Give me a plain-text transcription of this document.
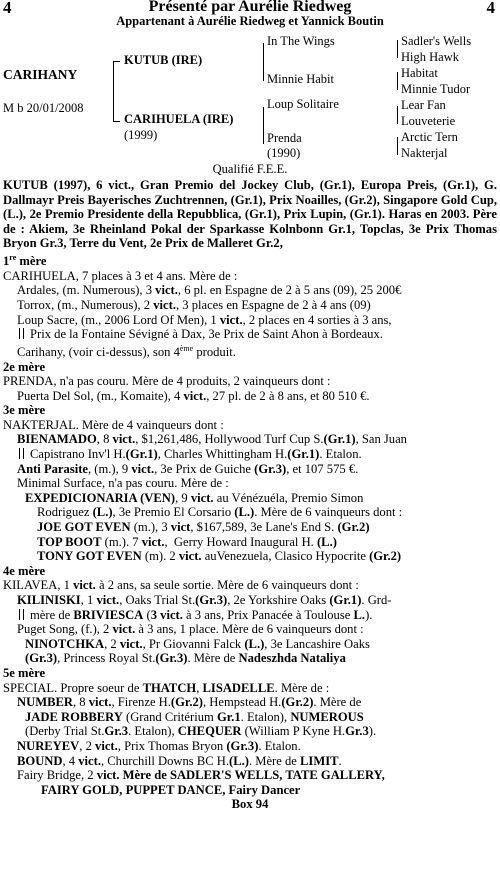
4	Présenté par Aurélie Riedweg	4
Appartenant à Aurélie Riedweg et Yannick Boutin
CARIHANY
M b 20/01/2008
KUTUB (IRE)
CARIHUELA (IRE)
(1999)
In The Wings
Minnie Habit
Loup Solitaire
Prenda
(1990)
Sadler's Wells
High Hawk
Habitat
Minnie Tudor
Lear Fan
Louveterie
Arctic Tern
Nakterjal
Qualifié F.E.E.

KUTUB (1997), 6 vict., Gran Premio del Jockey Club, (Gr.1), Europa Preis, (Gr.1), G. Dallmayr Preis Bayerisches Zuchtrennen, (Gr.1), Prix Noailles, (Gr.2), Singapore Gold Cup, (L.), 2e Premio Presidente della Repubblica, (Gr.1), Prix Lupin, (Gr.1). Haras en 2003. Père de : Akiem, 3e Rheinland Pokal der Sparkasse Kolnbonn Gr.1, Topclas, 3e Prix Thomas Bryon Gr.3, Terre du Vent, 2e Prix de Malleret Gr.2,

1re mère

CARIHUELA, 7 places à 3 et 4 ans. Mère de :

Ardales, (m. Numerous), 3 vict., 6 pl. en Espagne de 2 à 5 ans (09), 25 200€

Torrox, (m., Numerous), 2 vict., 3 places en Espagne de 2 à 4 ans (09)

Loup Sacre, (m., 2006 Lord Of Men), 1 vict., 2 places en 4 sorties à 3 ans,

Prix de la Fontaine Sévigné à Dax, 3e Prix de Saint Ahon à Bordeaux.

Carihany, (voir ci-dessus), son 4ème produit.

2e mère

PRENDA, n'a pas couru. Mère de 4 produits, 2 vainqueurs dont :

Puerta Del Sol, (m., Komaite), 4 vict., 27 pl. de 2 à 8 ans, et 80 510 €.

3e mère

NAKTERJAL. Mère de 4 vainqueurs dont :

BIENAMADO, 8 vict., $1,261,486, Hollywood Turf Cup S.(Gr.1), San Juan

Capistrano Inv'l H.(Gr.1), Charles Whittingham H.(Gr.1). Etalon.

Anti Parasite, (m.), 9 vict., 3e Prix de Guiche (Gr.3), et 107 575 €.

Minimal Surface, n'a pas couru. Mère de :

EXPEDICIONARIA (VEN), 9 vict. au Vénézuéla, Premio Simon

Rodriguez (L.), 3e Premio El Corsario (L.). Mère de 6 vainqueurs dont :

JOE GOT EVEN (m.), 3 vict, $167,589, 3e Lane's End S. (Gr.2)

TOP BOOT (m.). 7 vict.,  Gerry Howard Inaugural H. (L.)

TONY GOT EVEN (m). 2 vict. auVenezuela, Clasico Hypocrite (Gr.2)

4e mère

KILAVEA, 1 vict. à 2 ans, sa seule sortie. Mère de 6 vainqueurs dont :

KILINISKI, 1 vict., Oaks Trial St.(Gr.3), 2e Yorkshire Oaks (Gr.1). Grd-

mère de BRIVIESCA (3 vict. à 3 ans, Prix Panacée à Toulouse L.).

Puget Song, (f.), 2 vict. à 3 ans, 1 place. Mère de 6 vainqueurs dont :

NINOTCHKA, 2 vict., Pr Giovanni Falck (L.), 3e Lancashire Oaks

(Gr.3), Princess Royal St.(Gr.3). Mère de Nadeszhda Nataliya

5e mère

SPECIAL. Propre soeur de THATCH, LISADELLE. Mère de :

NUMBER, 8 vict., Firenze H.(Gr.2), Hempstead H.(Gr.2). Mère de

JADE ROBBERY (Grand Critérium Gr.1. Etalon), NUMEROUS

(Derby Trial St.Gr.3. Etalon), CHEQUER (William P Kyne H.Gr.3).

NUREYEV, 2 vict., Prix Thomas Bryon (Gr.3). Etalon.

BOUND, 4 vict., Churchill Downs BC H.(L.). Mère de LIMIT.

Fairy Bridge, 2 vict. Mère de SADLER'S WELLS, TATE GALLERY,

FAIRY GOLD, PUPPET DANCE, Fairy Dancer

Box 94
